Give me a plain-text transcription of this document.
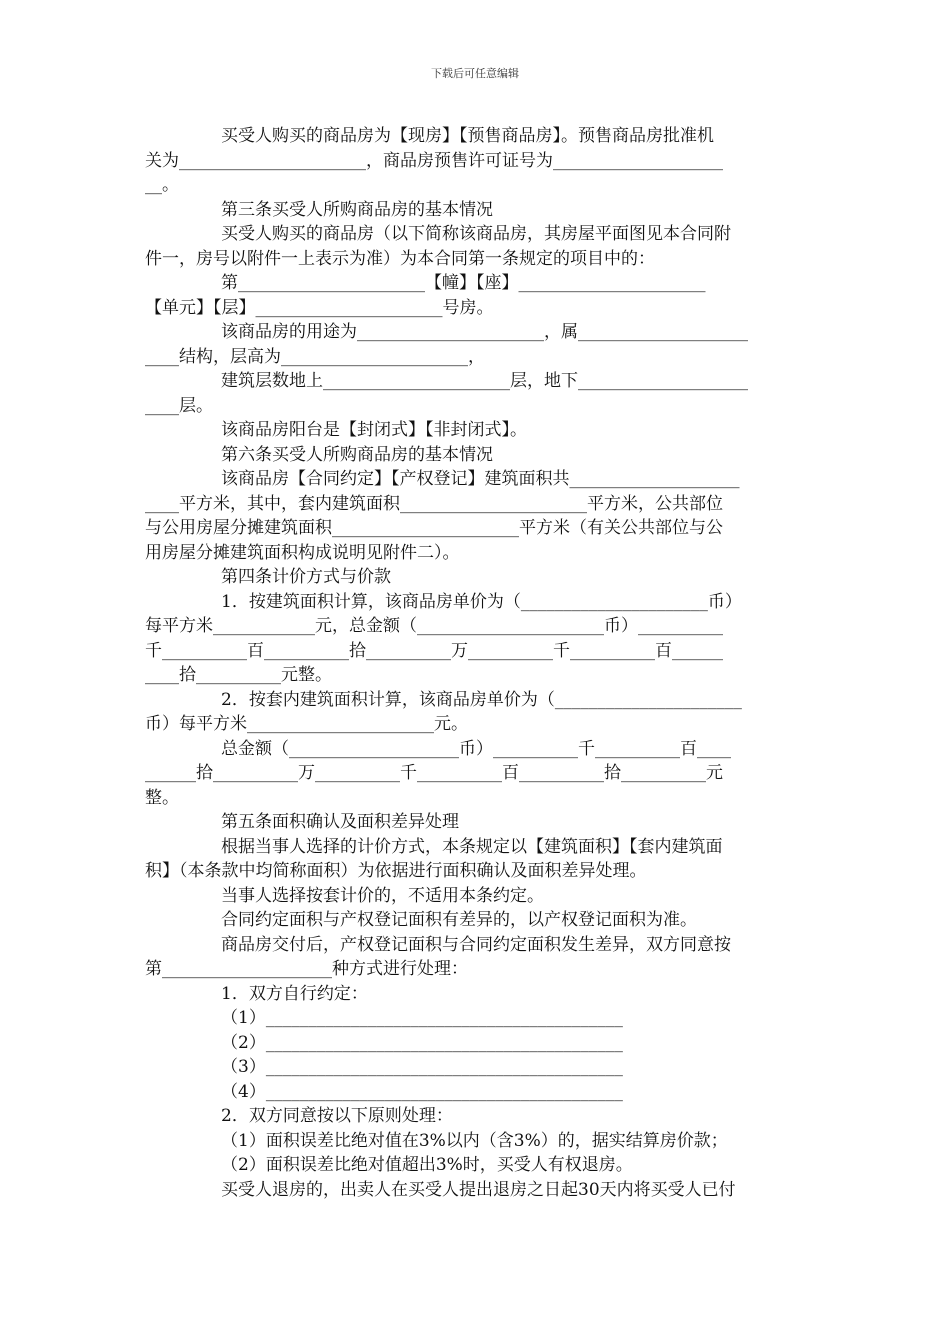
下载后可任意编辑

买受人购买的商品房为【现房】【预售商品房】。预售商品房批准机

关为______________________，商品房预售许可证号为____________________

__。

第三条买受人所购商品房的基本情况

买受人购买的商品房（以下简称该商品房，其房屋平面图见本合同附

件一，房号以附件一上表示为准）为本合同第一条规定的项目中的：

第______________________【幢】【座】______________________

【单元】【层】______________________号房。

该商品房的用途为______________________，属____________________

____结构，层高为______________________，

建筑层数地上______________________层，地下____________________

____层。

该商品房阳台是【封闭式】【非封闭式】。

第六条买受人所购商品房的基本情况

该商品房【合同约定】【产权登记】建筑面积共____________________

____平方米，其中，套内建筑面积______________________平方米，公共部位

与公用房屋分摊建筑面积______________________平方米（有关公共部位与公

用房屋分摊建筑面积构成说明见附件二）。

第四条计价方式与价款

1．按建筑面积计算，该商品房单价为（______________________币）

每平方米____________元，总金额（______________________币）__________

千__________百__________拾__________万__________千__________百______

____拾__________元整。

2．按套内建筑面积计算，该商品房单价为（______________________

币）每平方米______________________元。

总金额（____________________币）__________千__________百____

______拾__________万__________千__________百__________拾__________元

整。

第五条面积确认及面积差异处理

根据当事人选择的计价方式，本条规定以【建筑面积】【套内建筑面

积】（本条款中均简称面积）为依据进行面积确认及面积差异处理。

当事人选择按套计价的，不适用本条约定。

合同约定面积与产权登记面积有差异的，以产权登记面积为准。

商品房交付后，产权登记面积与合同约定面积发生差异，双方同意按

第____________________种方式进行处理：

1．双方自行约定：

（1）__________________________________________

（2）__________________________________________

（3）__________________________________________

（4）__________________________________________

2．双方同意按以下原则处理：

（1）面积误差比绝对值在3%以内（含3%）的，据实结算房价款；

（2）面积误差比绝对值超出3%时，买受人有权退房。

买受人退房的，出卖人在买受人提出退房之日起30天内将买受人已付
